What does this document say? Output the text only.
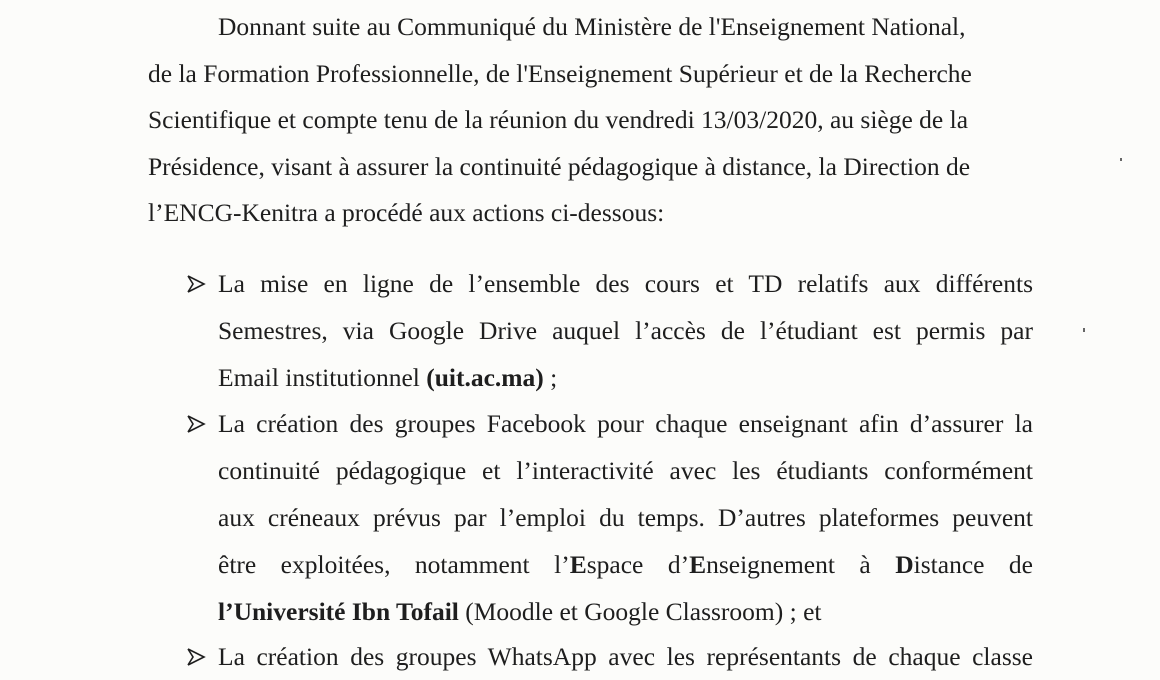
Donnant suite au Communiqué du Ministère de l'Enseignement National,
de la Formation Professionnelle, de l'Enseignement Supérieur et de la Recherche
Scientifique et compte tenu de la réunion du vendredi 13/03/2020, au siège de la
Présidence, visant à assurer la continuité pédagogique à distance, la Direction de
l’ENCG-Kenitra a procédé aux actions ci-dessous:

La mise en ligne de l’ensemble des cours et TD relatifs aux différents
Semestres, via Google Drive auquel l’accès de l’étudiant est permis par
Email institutionnel (uit.ac.ma) ;
La création des groupes Facebook pour chaque enseignant afin d’assurer la
continuité pédagogique et l’interactivité avec les étudiants conformément
aux créneaux prévus par l’emploi du temps. D’autres plateformes peuvent
être exploitées, notamment l’Espace d’Enseignement à Distance de
l’Université Ibn Tofail (Moodle et Google Classroom) ; et
La création des groupes WhatsApp avec les représentants de chaque classe
